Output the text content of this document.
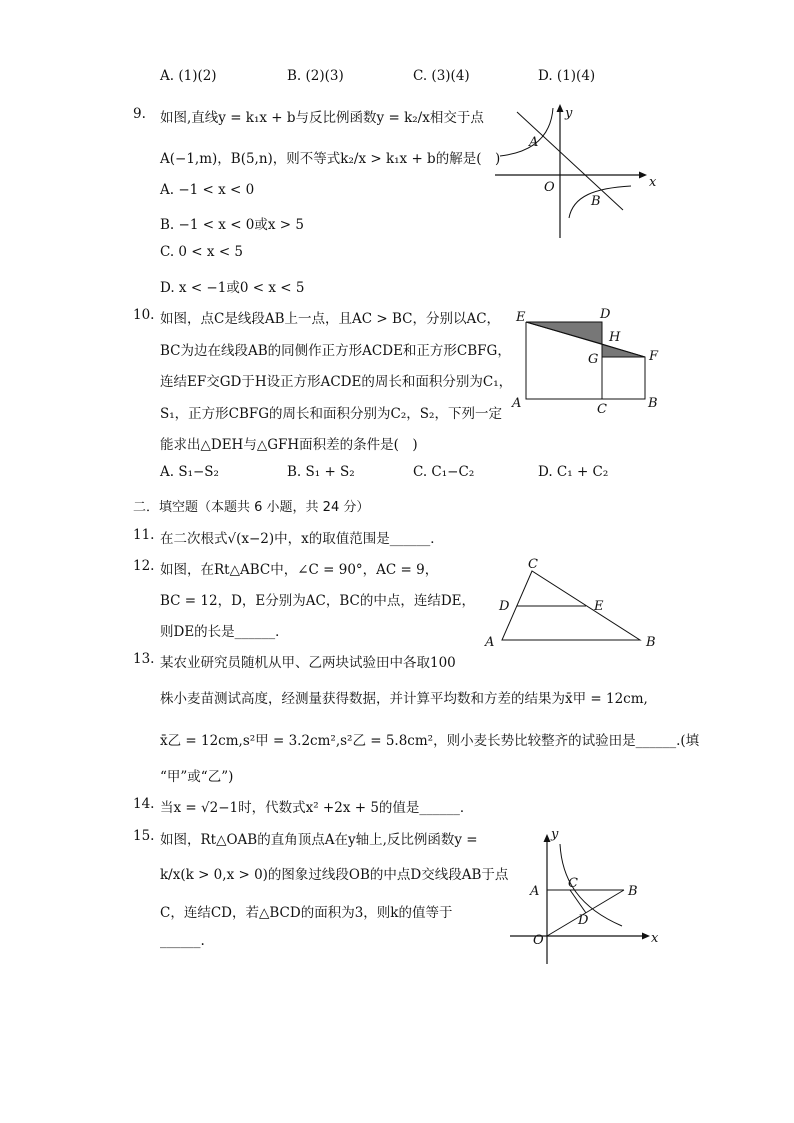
A. (1)(2)	B. (2)(3)	C. (3)(4)	D. (1)(4)
9. 如图,直线y = k₁x + b与反比例函数y = k₂/x相交于点
A(−1,m)，B(5,n)，则不等式k₂/x > k₁x + b的解是(　)
A. −1 < x < 0
B. −1 < x < 0或x > 5
C. 0 < x < 5
D. x < −1或0 < x < 5
y
x
O
A
B
10. 如图，点C是线段AB上一点，且AC > BC，分别以AC，
BC为边在线段AB的同侧作正方形ACDE和正方形CBFG，
连结EF交GD于H设正方形ACDE的周长和面积分别为C₁，
S₁，正方形CBFG的周长和面积分别为C₂，S₂，下列一定
能求出△DEH与△GFH面积差的条件是(　)
A. S₁−S₂	B. S₁ + S₂	C. C₁−C₂	D. C₁ + C₂
E	D
H
G	F
A	C	B
二．填空题（本题共 6 小题，共 24 分）
11. 在二次根式√(x−2)中，x的取值范围是______．
12. 如图，在Rt△ABC中，∠C = 90°，AC = 9，
BC = 12，D，E分别为AC，BC的中点，连结DE，
则DE的长是______．
C
D	E
A	B
13. 某农业研究员随机从甲、乙两块试验田中各取100
株小麦苗测试高度，经测量获得数据，并计算平均数和方差的结果为x̄甲 = 12cm,
x̄乙 = 12cm,s²甲 = 3.2cm²,s²乙 = 5.8cm²，则小麦长势比较整齐的试验田是______.(填
“甲”或“乙”)
14. 当x = √2−1时，代数式x² +2x + 5的值是______．
15. 如图，Rt△OAB的直角顶点A在y轴上,反比例函数y =
k/x(k > 0,x > 0)的图象过线段OB的中点D交线段AB于点
C，连结CD，若△BCD的面积为3，则k的值等于
______.
y
x
O
A	B
C
D
